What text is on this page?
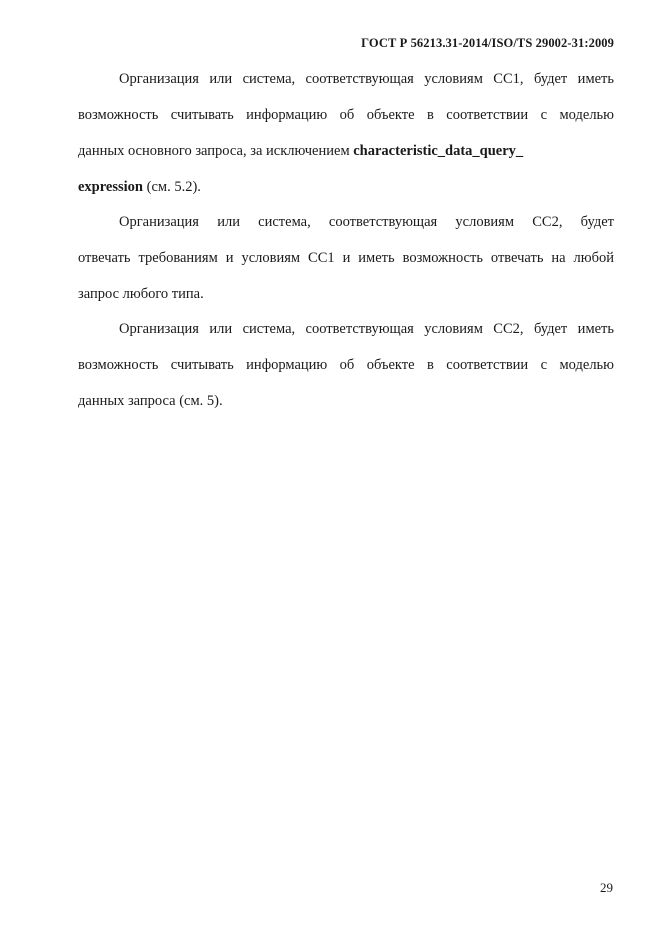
ГОСТ Р 56213.31-2014/ISO/TS 29002-31:2009
Организация или система, соответствующая условиям СС1, будет иметь
возможность считывать информацию об объекте в соответствии с моделью
данных основного запроса, за исключением characteristic_data_query_
expression (см. 5.2).
Организация или система, соответствующая условиям СС2, будет
отвечать требованиям и условиям СС1 и иметь возможность отвечать на любой
запрос любого типа.
Организация или система, соответствующая условиям СС2, будет иметь
возможность считывать информацию об объекте в соответствии с моделью
данных запроса (см. 5).
29
